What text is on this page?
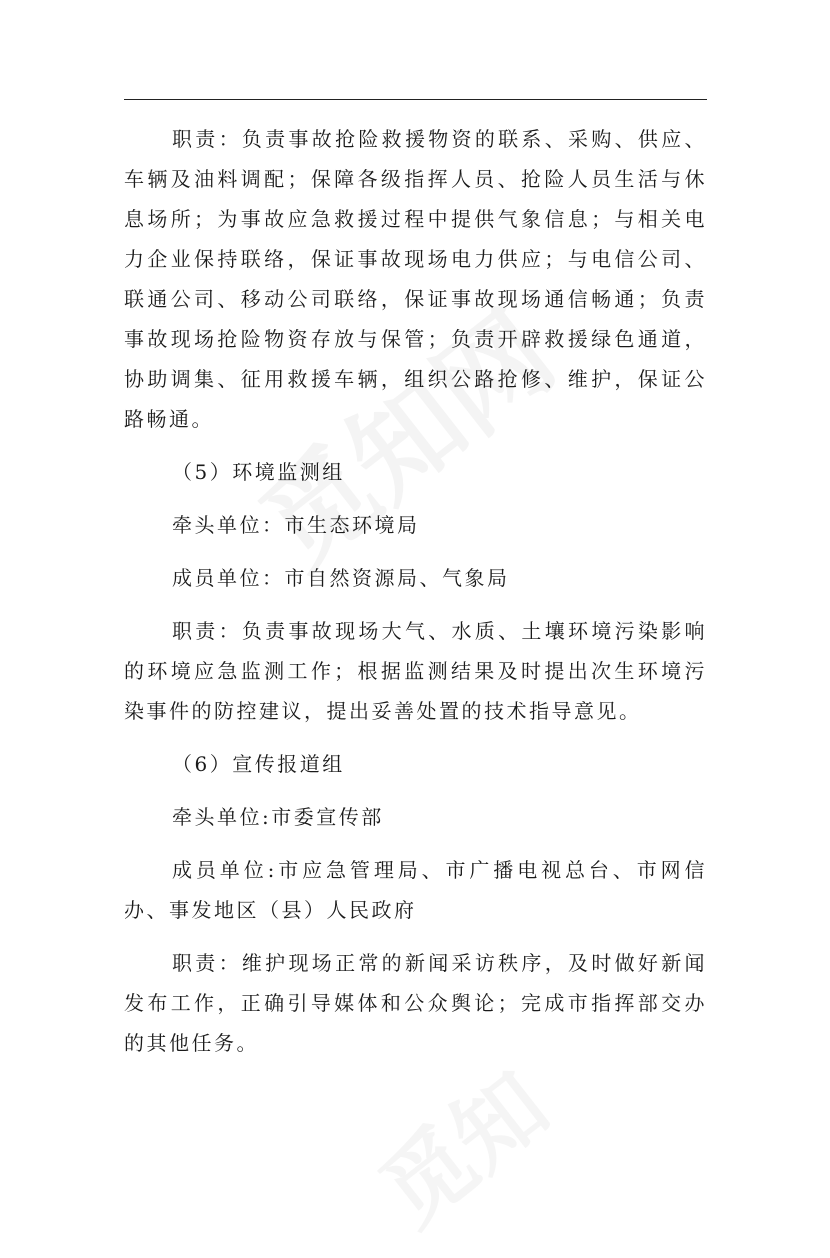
职责：负责事故抢险救援物资的联系、采购、供应、车辆及油料调配；保障各级指挥人员、抢险人员生活与休息场所；为事故应急救援过程中提供气象信息；与相关电力企业保持联络，保证事故现场电力供应；与电信公司、联通公司、移动公司联络，保证事故现场通信畅通；负责事故现场抢险物资存放与保管；负责开辟救援绿色通道，协助调集、征用救援车辆，组织公路抢修、维护，保证公路畅通。

（5）环境监测组

牵头单位：市生态环境局

成员单位：市自然资源局、气象局

职责：负责事故现场大气、水质、土壤环境污染影响的环境应急监测工作；根据监测结果及时提出次生环境污染事件的防控建议，提出妥善处置的技术指导意见。

（6）宣传报道组

牵头单位:市委宣传部

成员单位:市应急管理局、市广播电视总台、市网信办、事发地区（县）人民政府

职责：维护现场正常的新闻采访秩序，及时做好新闻发布工作，正确引导媒体和公众舆论；完成市指挥部交办的其他任务。
